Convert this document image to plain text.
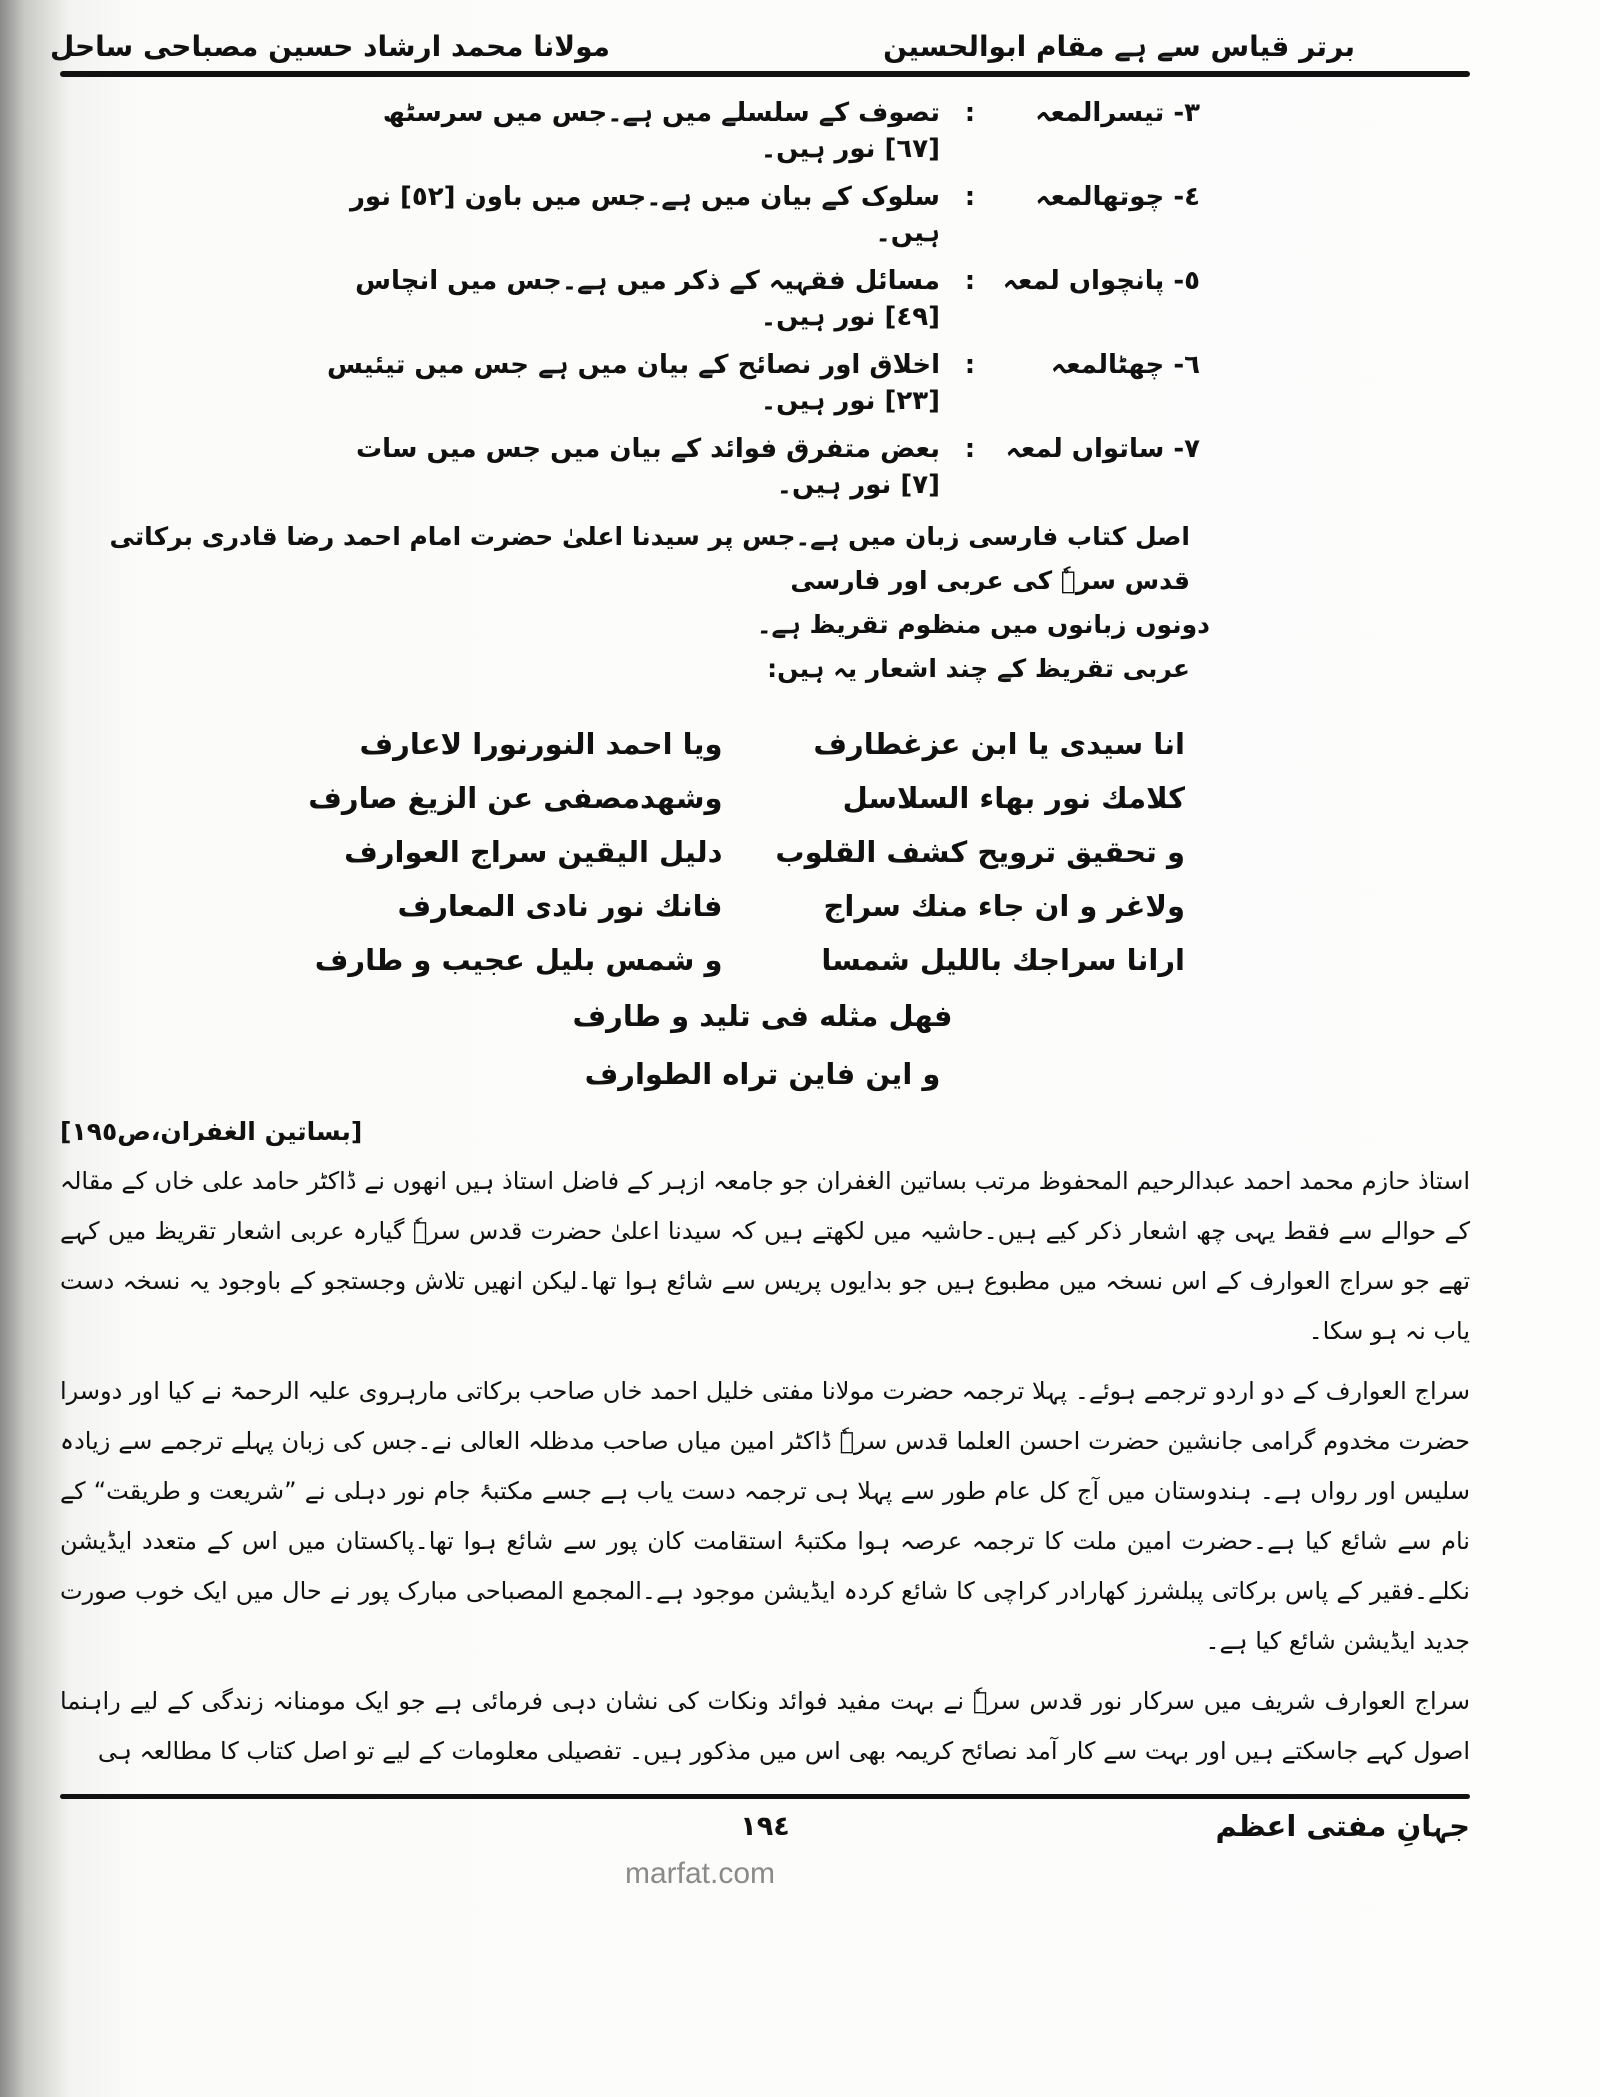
برتر قیاس سے ہے مقام ابوالحسین
مولانا محمد ارشاد حسین مصباحی ساحل
٣- تیسرالمعہ
:
تصوف کے سلسلے میں ہے۔جس میں سرسٹھ [٦٧] نور ہیں۔
٤- چوتھالمعہ
:
سلوک کے بیان میں ہے۔جس میں باون [٥٢] نور ہیں۔
٥- پانچواں لمعہ
:
مسائل فقہیہ کے ذکر میں ہے۔جس میں انچاس [٤٩] نور ہیں۔
٦- چھٹالمعہ
:
اخلاق اور نصائح کے بیان میں ہے جس میں تیئیس [٢٣] نور ہیں۔
٧- ساتواں لمعہ
:
بعض متفرق فوائد کے بیان میں جس میں سات [٧] نور ہیں۔
اصل کتاب فارسی زبان میں ہے۔جس پر سیدنا اعلیٰ حضرت امام احمد رضا قادری برکاتی قدس سرہٗ کی عربی اور فارسی
دونوں زبانوں میں منظوم تقریظ ہے۔
عربی تقریظ کے چند اشعار یہ ہیں:
انا سیدی یا ابن عزغطارف
ویا احمد النورنورا لاعارف
کلامك نور بهاء السلاسل
وشهدمصفی عن الزیغ صارف
و تحقیق ترویح کشف القلوب
دلیل الیقین سراج العوارف
ولاغر و ان جاء منك سراج
فانك نور نادی المعارف
ارانا سراجك بالليل شمسا
و شمس بليل عجيب و طارف
فهل مثله فی تليد و طارف
و اين فاين تراه الطوارف
[بساتین الغفران،ص١٩٥]

استاذ حازم محمد احمد عبدالرحیم المحفوظ مرتب بساتین الغفران جو جامعہ ازہر کے فاضل استاذ ہیں انھوں نے ڈاکٹر حامد علیخاں کے مقالہ کے حوالے سے فقط یہی چھ اشعار ذکر کیے ہیں۔حاشیہ میں لکھتے ہیں کہ سیدنا اعلیٰ حضرت قدس سرہٗ گیارہ عربی اشعار تقریظمیں کہے تھے جو سراج العوارف کے اس نسخہ میں مطبوع ہیں جو بدایوں پریس سے شائع ہوا تھا۔لیکن انھیں تلاش وجستجو کے باوجود یہ نسخہدست یاب نہ ہو سکا۔

سراج العوارف کے دو اردو ترجمے ہوئے۔ پہلا ترجمہ حضرت مولانا مفتی خلیل احمد خاں صاحب برکاتی مارہروی علیہ الرحمۃ نے کیااور دوسرا حضرت مخدوم گرامی جانشین حضرت احسن العلما قدس سرہٗ ڈاکٹر امین میاں صاحب مدظلہ العالی نے۔جس کی زبان پہلے ترجمے سےزیادہ سلیس اور رواں ہے۔ ہندوستان میں آج کل عام طور سے پہلا ہی ترجمہ دست یاب ہے جسے مکتبۂ جام نور دہلی نے ”شریعت وطریقت“ کے نام سے شائع کیا ہے۔حضرت امین ملت کا ترجمہ عرصہ ہوا مکتبۂ استقامت کان پور سے شائع ہوا تھا۔پاکستان میں اس کےمتعدد ایڈیشن نکلے۔فقیر کے پاس برکاتی پبلشرز کھارادر کراچی کا شائع کردہ ایڈیشن موجود ہے۔المجمع المصباحی مبارک پور نے حال میں ایکخوب صورت جدید ایڈیشن شائع کیا ہے۔

سراج العوارف شریف میں سرکار نور قدس سرہٗ نے بہت مفید فوائد ونکات کی نشان دہی فرمائی ہے جو ایک مومنانہ زندگی کے لیےراہنما اصول کہے جاسکتے ہیں اور بہت سے کار آمد نصائح کریمہ بھی اس میں مذکور ہیں۔ تفصیلی معلومات کے لیے تو اصل کتاب کا مطالعہ ہی

جہانِ مفتی اعظم
١٩٤
marfat.com
